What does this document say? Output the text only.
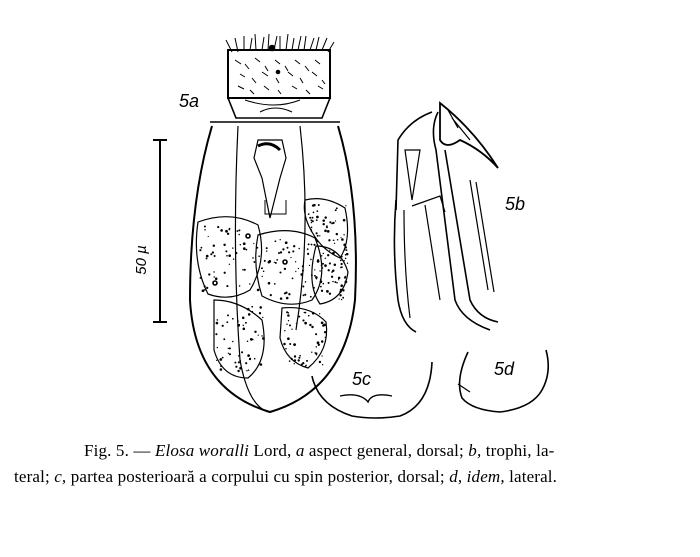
50 µ
5a
5b
5c	5d
Fig. 5. — Elosa woralli Lord, a aspect general, dorsal; b, trophi, la-
teral; c, partea posterioară a corpului cu spin posterior, dorsal; d, idem, lateral.
